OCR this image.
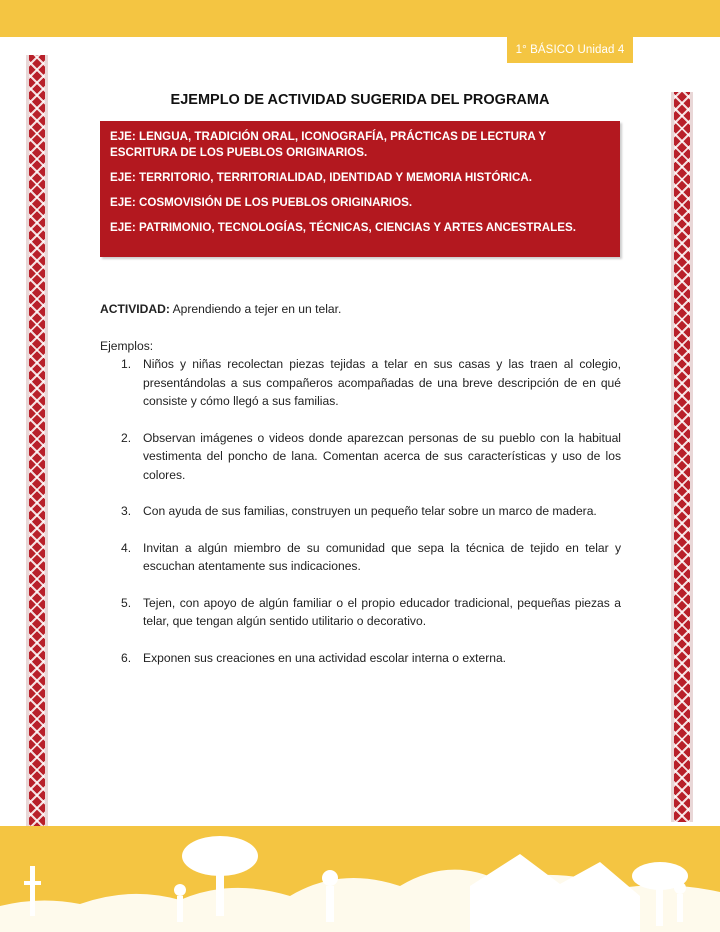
1° BÁSICO Unidad 4
EJEMPLO DE ACTIVIDAD SUGERIDA DEL PROGRAMA
EJE: LENGUA, TRADICIÓN ORAL, ICONOGRAFÍA, PRÁCTICAS DE LECTURA Y ESCRITURA DE LOS PUEBLOS ORIGINARIOS.
EJE: TERRITORIO, TERRITORIALIDAD, IDENTIDAD Y MEMORIA HISTÓRICA.
EJE: COSMOVISIÓN DE LOS PUEBLOS ORIGINARIOS.
EJE: PATRIMONIO, TECNOLOGÍAS, TÉCNICAS, CIENCIAS Y ARTES ANCESTRALES.

ACTIVIDAD: Aprendiendo a tejer en un telar.

Ejemplos:

1. Niños y niñas recolectan piezas tejidas a telar en sus casas y las traen al colegio, presentándolas a sus compañeros acompañadas de una breve descripción de en qué consiste y cómo llegó a sus familias.
2. Observan imágenes o videos donde aparezcan personas de su pueblo con la habitual vestimenta del poncho de lana. Comentan acerca de sus características y uso de los colores.
3. Con ayuda de sus familias, construyen un pequeño telar sobre un marco de madera.
4. Invitan a algún miembro de su comunidad que sepa la técnica de tejido en telar y escuchan atentamente sus indicaciones.
5. Tejen, con apoyo de algún familiar o el propio educador tradicional, pequeñas piezas a telar, que tengan algún sentido utilitario o decorativo.
6. Exponen sus creaciones en una actividad escolar interna o externa.
